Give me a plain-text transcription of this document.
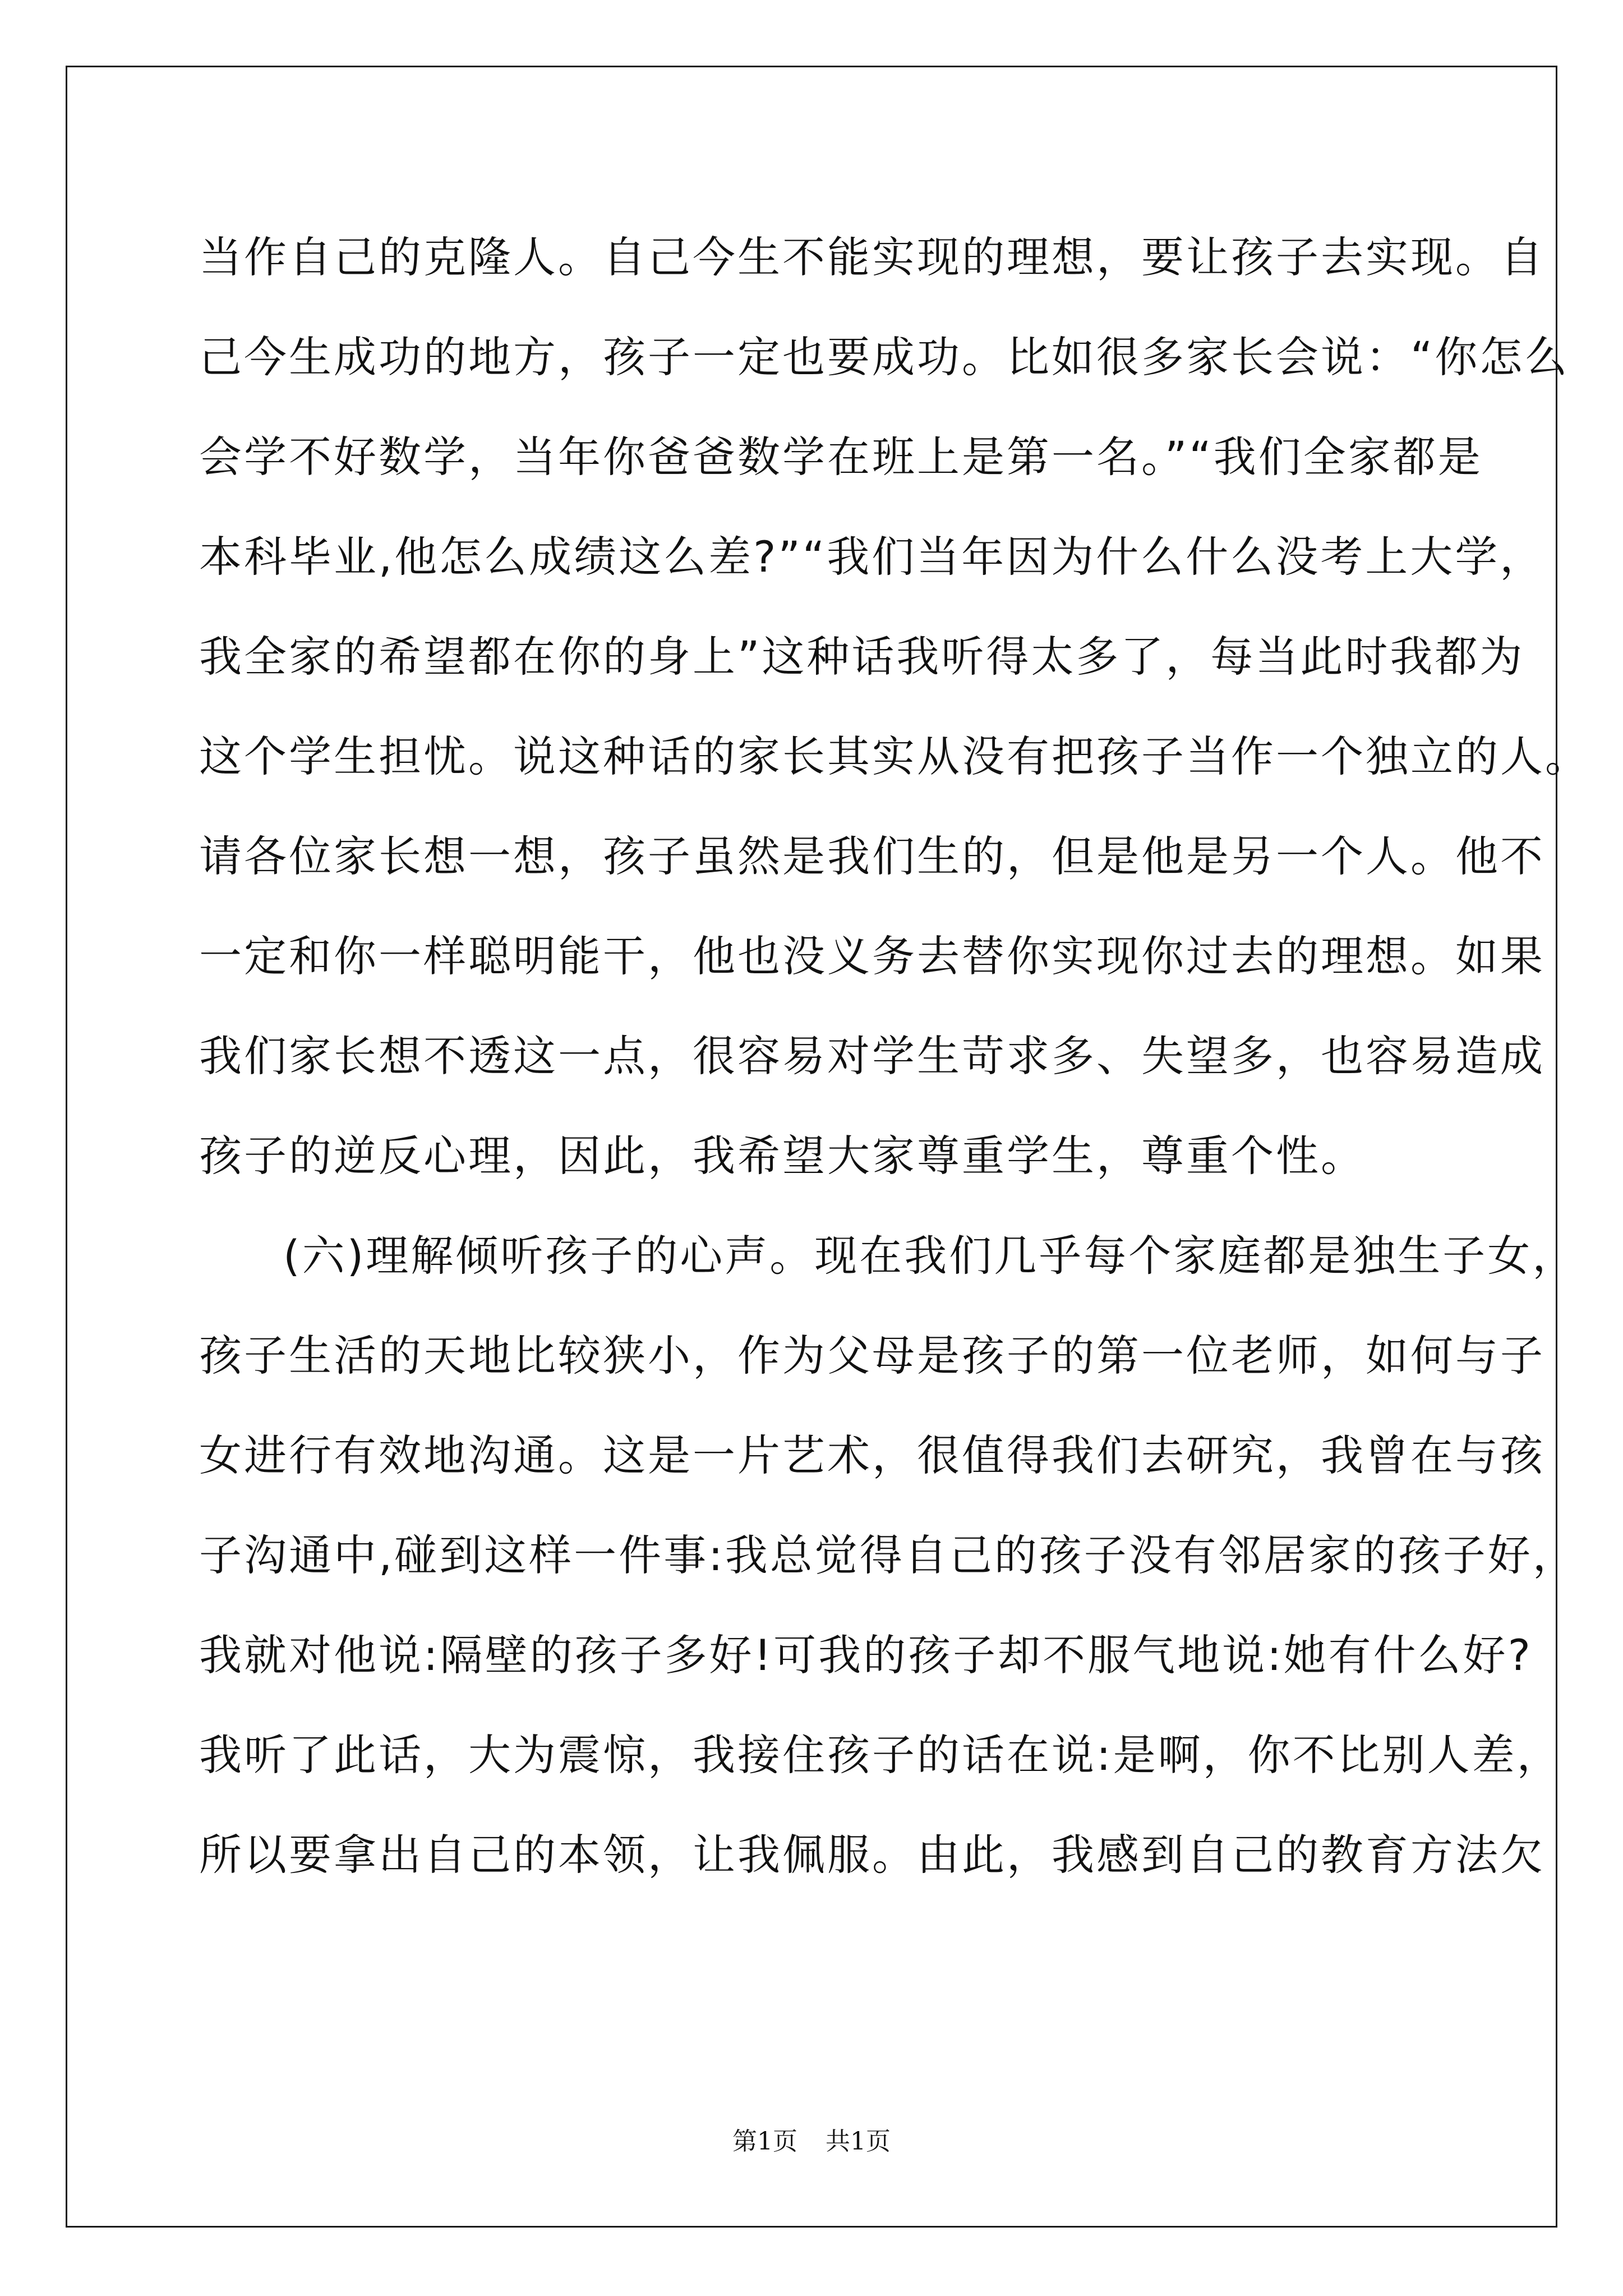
当作自己的克隆人。自己今生不能实现的理想，要让孩子去实现。自
己今生成功的地方，孩子一定也要成功。比如很多家长会说：“你怎么
会学不好数学，当年你爸爸数学在班上是第一名。”“我们全家都是
本科毕业,他怎么成绩这么差?”“我们当年因为什么什么没考上大学，
我全家的希望都在你的身上”这种话我听得太多了，每当此时我都为
这个学生担忧。说这种话的家长其实从没有把孩子当作一个独立的人。
请各位家长想一想，孩子虽然是我们生的，但是他是另一个人。他不
一定和你一样聪明能干，他也没义务去替你实现你过去的理想。如果
我们家长想不透这一点，很容易对学生苛求多、失望多，也容易造成
孩子的逆反心理，因此，我希望大家尊重学生，尊重个性。
(六)理解倾听孩子的心声。现在我们几乎每个家庭都是独生子女，
孩子生活的天地比较狭小，作为父母是孩子的第一位老师，如何与子
女进行有效地沟通。这是一片艺术，很值得我们去研究，我曾在与孩
子沟通中,碰到这样一件事:我总觉得自己的孩子没有邻居家的孩子好，
我就对他说:隔壁的孩子多好!可我的孩子却不服气地说:她有什么好?
我听了此话，大为震惊，我接住孩子的话在说:是啊，你不比别人差，
所以要拿出自己的本领，让我佩服。由此，我感到自己的教育方法欠
第1页 共1页
